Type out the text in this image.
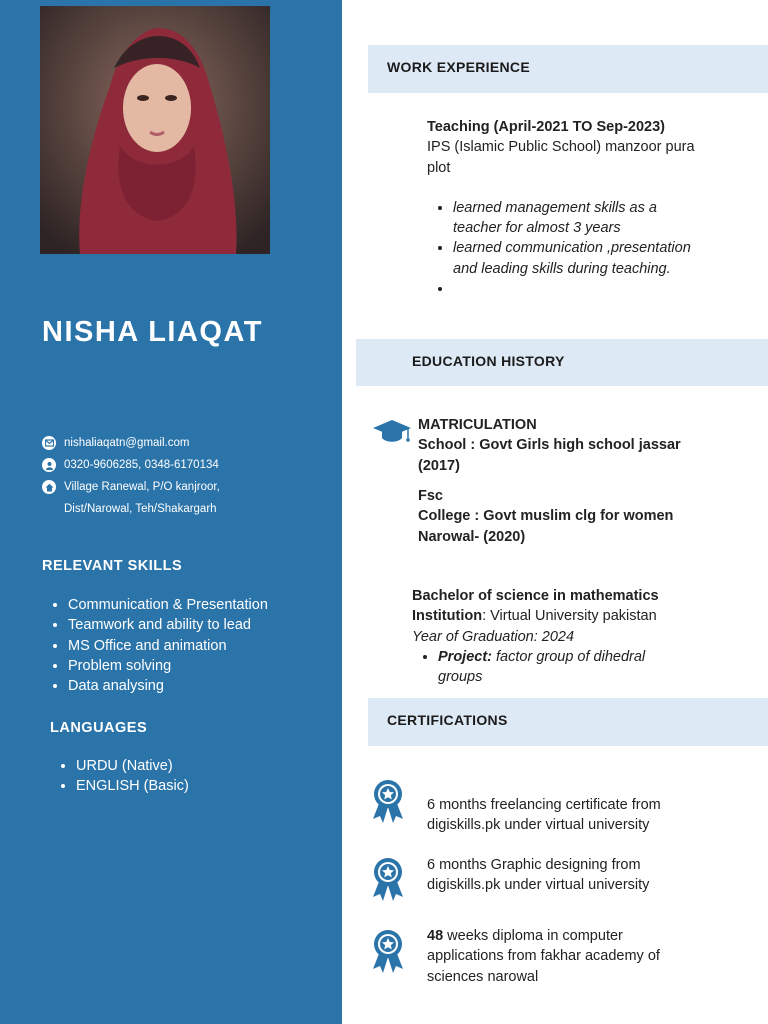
NISHA LIAQAT
nishaliaqatn@gmail.com
0320-9606285, 0348-6170134
Village Ranewal, P/O kanjroor,
Dist/Narowal, Teh/Shakargarh
RELEVANT SKILLS
• Communication & Presentation
• Teamwork and ability to lead
• MS Office and animation
• Problem solving
• Data analysing
LANGUAGES
• URDU (Native)
• ENGLISH (Basic)
WORK EXPERIENCE
Teaching (April-2021 TO Sep-2023)
IPS (Islamic Public School) manzoor pura
plot
• learned management skills as a
teacher for almost 3 years
• learned communication ,presentation
and leading skills during teaching.
•
EDUCATION HISTORY
MATRICULATION
School : Govt Girls high school jassar
(2017)
Fsc
College : Govt muslim clg for women
Narowal- (2020)
Bachelor of science in mathematics
Institution: Virtual University pakistan
Year of Graduation: 2024
• Project: factor group of dihedral
groups
CERTIFICATIONS
6 months freelancing certificate from
digiskills.pk under virtual university
6 months Graphic designing from
digiskills.pk under virtual university
48 weeks diploma in computer
applications from fakhar academy of
sciences narowal
